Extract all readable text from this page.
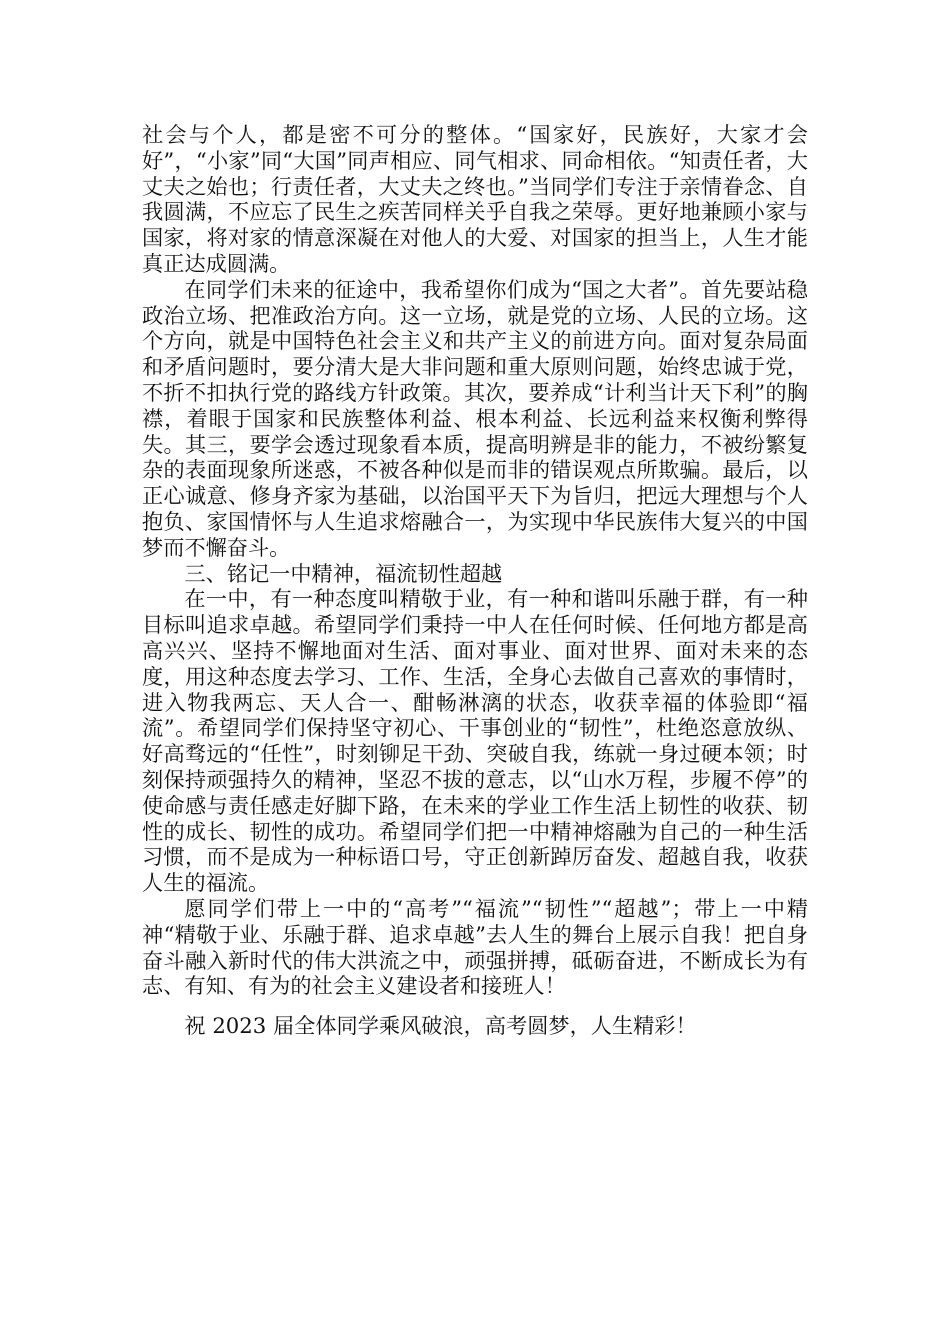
社会与个人，都是密不可分的整体。“国家好，民族好，大家才会好”，“小家”同“大国”同声相应、同气相求、同命相依。“知责任者，大丈夫之始也；行责任者，大丈夫之终也。”当同学们专注于亲情眷念、自我圆满，不应忘了民生之疾苦同样关乎自我之荣辱。更好地兼顾小家与国家，将对家的情意深凝在对他人的大爱、对国家的担当上，人生才能真正达成圆满。

在同学们未来的征途中，我希望你们成为“国之大者”。首先要站稳政治立场、把准政治方向。这一立场，就是党的立场、人民的立场。这个方向，就是中国特色社会主义和共产主义的前进方向。面对复杂局面和矛盾问题时，要分清大是大非问题和重大原则问题，始终忠诚于党，不折不扣执行党的路线方针政策。其次，要养成“计利当计天下利”的胸襟，着眼于国家和民族整体利益、根本利益、长远利益来权衡利弊得失。其三，要学会透过现象看本质，提高明辨是非的能力，不被纷繁复杂的表面现象所迷惑，不被各种似是而非的错误观点所欺骗。最后，以正心诚意、修身齐家为基础，以治国平天下为旨归，把远大理想与个人抱负、家国情怀与人生追求熔融合一，为实现中华民族伟大复兴的中国梦而不懈奋斗。

三、铭记一中精神，福流韧性超越

在一中，有一种态度叫精敬于业，有一种和谐叫乐融于群，有一种目标叫追求卓越。希望同学们秉持一中人在任何时候、任何地方都是高高兴兴、坚持不懈地面对生活、面对事业、面对世界、面对未来的态度，用这种态度去学习、工作、生活，全身心去做自己喜欢的事情时，进入物我两忘、天人合一、酣畅淋漓的状态，收获幸福的体验即“福流”。希望同学们保持坚守初心、干事创业的“韧性”，杜绝恣意放纵、好高骛远的“任性”，时刻铆足干劲、突破自我，练就一身过硬本领；时刻保持顽强持久的精神，坚忍不拔的意志，以“山水万程，步履不停”的使命感与责任感走好脚下路，在未来的学业工作生活上韧性的收获、韧性的成长、韧性的成功。希望同学们把一中精神熔融为自己的一种生活习惯，而不是成为一种标语口号，守正创新踔厉奋发、超越自我，收获人生的福流。

愿同学们带上一中的“高考”“福流”“韧性”“超越”；带上一中精神“精敬于业、乐融于群、追求卓越”去人生的舞台上展示自我！把自身奋斗融入新时代的伟大洪流之中，顽强拼搏，砥砺奋进，不断成长为有志、有知、有为的社会主义建设者和接班人！

祝 2023 届全体同学乘风破浪，高考圆梦，人生精彩！
